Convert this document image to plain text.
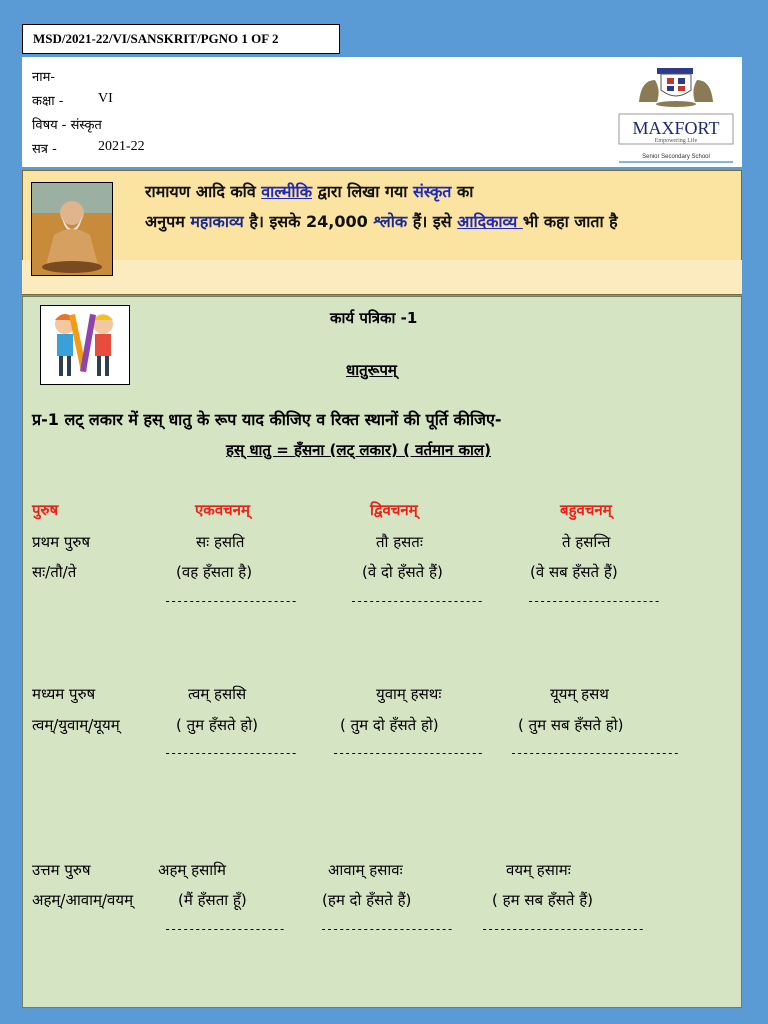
MSD/2021-22/VI/SANSKRIT/PGNO 1 OF 2
नाम-
कक्षा - VI
विषय - संस्कृत
सत्र -	2021-22
MAXFORT
Empowering Life
Senior Secondary School
रामायण आदि कवि वाल्मीकि द्वारा लिखा गया संस्कृत का
अनुपम महाकाव्य है। इसके 24,000 श्लोक हैं। इसे आदिकाव्य भी कहा जाता है
कार्य पत्रिका -1
धातुरूपम्
प्र-1 लट् लकार में हस् धातु के रूप याद कीजिए व रिक्त स्थानों की पूर्ति कीजिए-
हस् धातु = हँसना (लट् लकार) ( वर्तमान काल)
पुरुष	एकवचनम्	द्विवचनम्	बहुवचनम्
प्रथम पुरुष	सः हसति	तौ हसतः	ते हसन्ति
सः/तौ/ते	(वह हँसता है)	(वे दो हँसते हैं)	(वे सब हँसते हैं)
----------------------	----------------------	----------------------
मध्यम पुरुष	त्वम् हससि	युवाम् हसथः	यूयम् हसथ
त्वम्/युवाम्/यूयम्	( तुम हँसते हो)	( तुम दो हँसते हो)	( तुम सब हँसते हो)
----------------------	------------------------- ----------------------------
उत्तम पुरुष	अहम् हसामि	आवाम् हसावः	वयम् हसामः
अहम्/आवाम्/वयम्	(मैं हँसता हूँ)	(हम दो हँसते हैं)	( हम सब हँसते हैं)
--------------------	---------------------- ---------------------------
